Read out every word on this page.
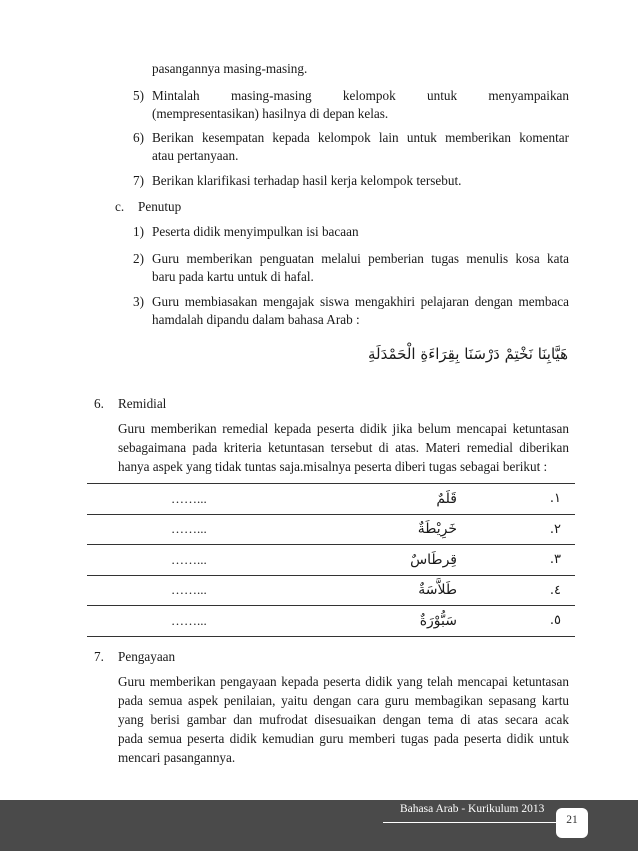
pasangannya masing-masing.
5) Mintalah masing-masing kelompok untuk menyampaikan
(mempresentasikan) hasilnya di depan kelas.
6) Berikan kesempatan kepada kelompok lain untuk memberikan komentar
atau pertanyaan.
7) Berikan klarifikasi terhadap hasil kerja kelompok tersebut.
c. Penutup
1) Peserta didik menyimpulkan isi bacaan
2) Guru memberikan penguatan melalui pemberian tugas menulis kosa kata
baru pada kartu untuk di hafal.
3) Guru membiasakan mengajak siswa mengakhiri pelajaran dengan membaca
hamdalah dipandu dalam bahasa Arab :
هَيَّابِنَا نَخْتِمْ دَرْسَنَا بِقِرَاءَةِ الْحَمْدَلَةِ
6. Remidial
Guru memberikan remedial kepada peserta didik jika belum mencapai ketuntasan
sebagaimana pada kriteria ketuntasan tersebut di atas. Materi remedial diberikan
hanya aspek yang tidak tuntas saja.misalnya peserta diberi tugas sebagai berikut :
……...	قَلَمٌ	١.
……...	خَرِيْطَةٌ	٢.
……...	قِرطَاسٌ	٣.
……...	طَلاَّسَةٌ	٤.
……...	سَبُّوْرَةٌ	٥.
7. Pengayaan
Guru memberikan pengayaan kepada peserta didik yang telah mencapai ketuntasan
pada semua aspek penilaian, yaitu dengan cara guru membagikan sepasang kartu
yang berisi gambar dan mufrodat disesuaikan dengan tema di atas secara acak
pada semua peserta didik kemudian guru memberi tugas pada peserta didik untuk
mencari pasangannya.
Bahasa Arab - Kurikulum 2013
21
